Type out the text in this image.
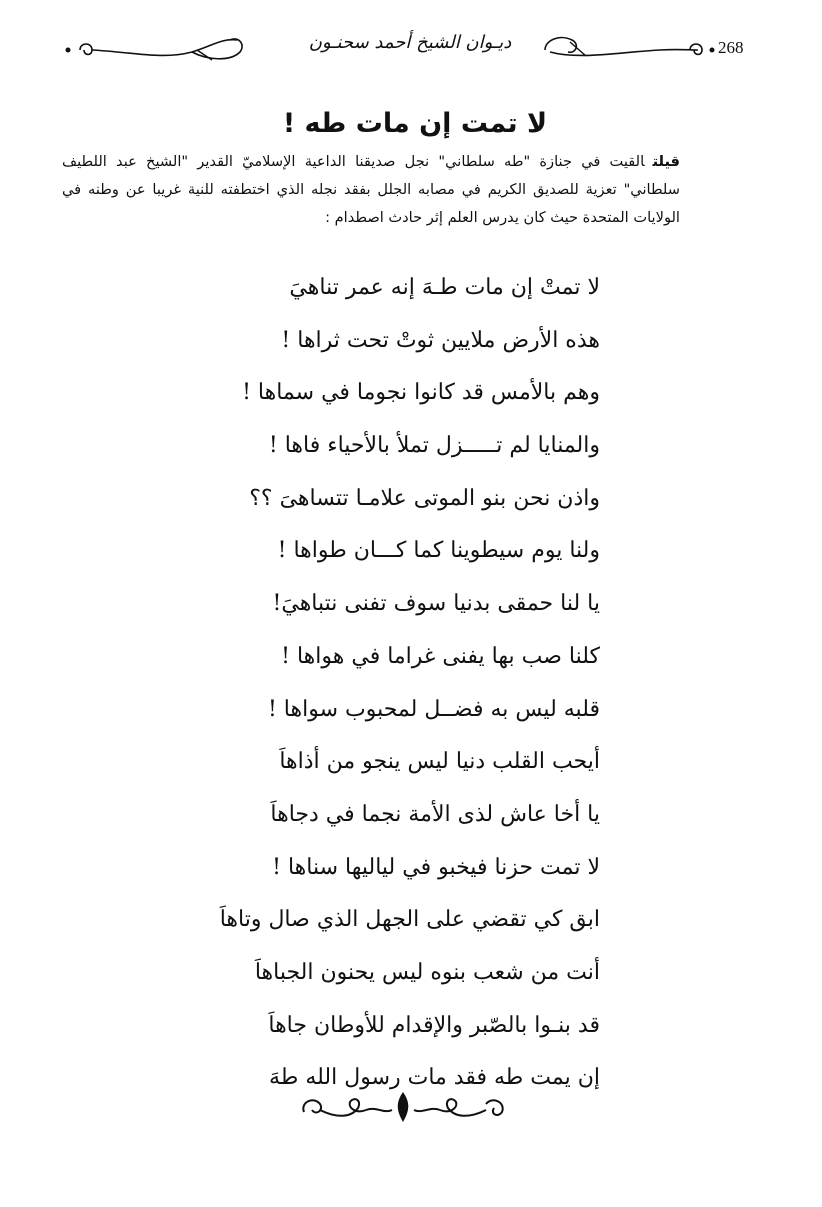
268
ديـوان الشيخ أحمد سحنـون
لا تمت إن مات طه !
قيلتالقيت في جنازة "طه سلطاني" نجل صديقنا الداعية الإسلاميّ القدير "الشيخ عبد اللطيف سلطاني" تعزية للصديق الكريم في مصابه الجلل بفقد نجله الذي اختطفته للنية غريبا عن وطنه في الولايات المتحدة حيث كان يدرس العلم إثر حادث اصطدام :
لا تمتْ إن مات طـهَ إنه عمر تناهيَ
هذه الأرض ملايين ثوتْ تحت ثراها !
وهم بالأمس قد كانوا نجوما في سماها !
والمنايا لم تـــــزل تملأ بالأحياء فاها !
واذن نحن بنو الموتى علامـا تتساهىَ ؟؟
ولنا يوم سيطوينا كما كـــان طواها !
يا لنا حمقى بدنيا سوف تفنى نتباهيَ!
كلنا صب بها يفنى غراما في هواها !
قلبه ليس به فضــل لمحبوب سواها !
أيحب القلب دنيا ليس ينجو من أذاهاَ
يا أخا عاش لذى الأمة نجما في دجاهاَ
لا تمت حزنا فيخبو في لياليها سناها !
ابق كي تقضي على الجهل الذي صال وتاهاَ
أنت من شعب بنوه ليس يحنون الجباهاَ
قد بنـوا بالصّبر والإقدام للأوطان جاهاَ
إن يمت طه فقد مات رسول الله طهَ
